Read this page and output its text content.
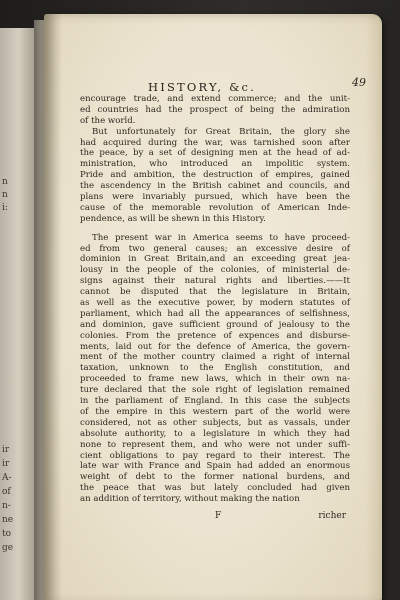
n
n
i:
ir
ir
A-
of
n-
ne
to
ge
HISTORY, &c.	49
encourage trade, and extend commerce; and the unit-
ed countries had the prospect of being the admiration
of the world.
But unfortunately for Great Britain, the glory she
had acquired during the war, was tarnished soon after
the peace, by a set of designing men at the head of ad-
ministration, who introduced an impolitic system.
Pride and ambition, the destruction of empires, gained
the ascendency in the British cabinet and councils, and
plans were invariably pursued, which have been the
cause of the memorable revolution of American Inde-
pendence, as will be shewn in this History.
The present war in America seems to have proceed-
ed from two general causes; an excessive desire of
dominion in Great Britain,and an exceeding great jea-
lousy in the people of the colonies, of ministerial de-
signs against their natural rights and liberties.——It
cannot be disputed that the legislature in Britain,
as well as the executive power, by modern statutes of
parliament, which had all the appearances of selfishness,
and dominion, gave sufficient ground of jealousy to the
colonies. From the pretence of expences and disburse-
ments, laid out for the defence of America, the govern-
ment of the mother country claimed a right of internal
taxation, unknown to the English constitution, and
proceeded to frame new laws, which in their own na-
ture declared that the sole right of legislation remained
in the parliament of England. In this case the subjects
of the empire in this western part of the world were
considered, not as other subjects, but as vassals, under
absolute authority, to a legislature in which they had
none to represent them, and who were not under suffi-
cient obligations to pay regard to their interest. The
late war with France and Spain had added an enormous
weight of debt to the former national burdens, and
the peace that was but lately concluded had given
an addition of territory, without making the nation
F	richer
